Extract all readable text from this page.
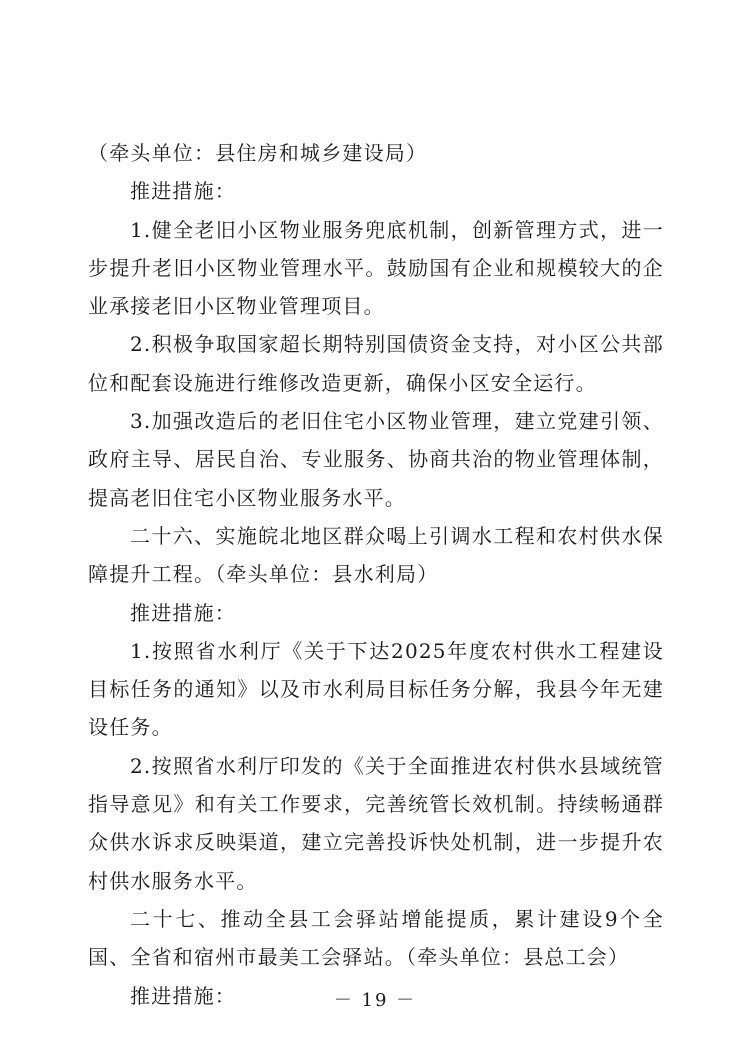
（牵头单位：县住房和城乡建设局）

推进措施：

1.健全老旧小区物业服务兜底机制，创新管理方式，进一步提升老旧小区物业管理水平。鼓励国有企业和规模较大的企业承接老旧小区物业管理项目。

2.积极争取国家超长期特别国债资金支持，对小区公共部位和配套设施进行维修改造更新，确保小区安全运行。

3.加强改造后的老旧住宅小区物业管理，建立党建引领、政府主导、居民自治、专业服务、协商共治的物业管理体制，提高老旧住宅小区物业服务水平。

二十六、实施皖北地区群众喝上引调水工程和农村供水保障提升工程。（牵头单位：县水利局）

推进措施：

1.按照省水利厅《关于下达2025年度农村供水工程建设目标任务的通知》以及市水利局目标任务分解，我县今年无建设任务。

2.按照省水利厅印发的《关于全面推进农村供水县域统管指导意见》和有关工作要求，完善统管长效机制。持续畅通群众供水诉求反映渠道，建立完善投诉快处机制，进一步提升农村供水服务水平。

二十七、推动全县工会驿站增能提质，累计建设9个全国、全省和宿州市最美工会驿站。（牵头单位：县总工会）

推进措施：	－ 19 －
